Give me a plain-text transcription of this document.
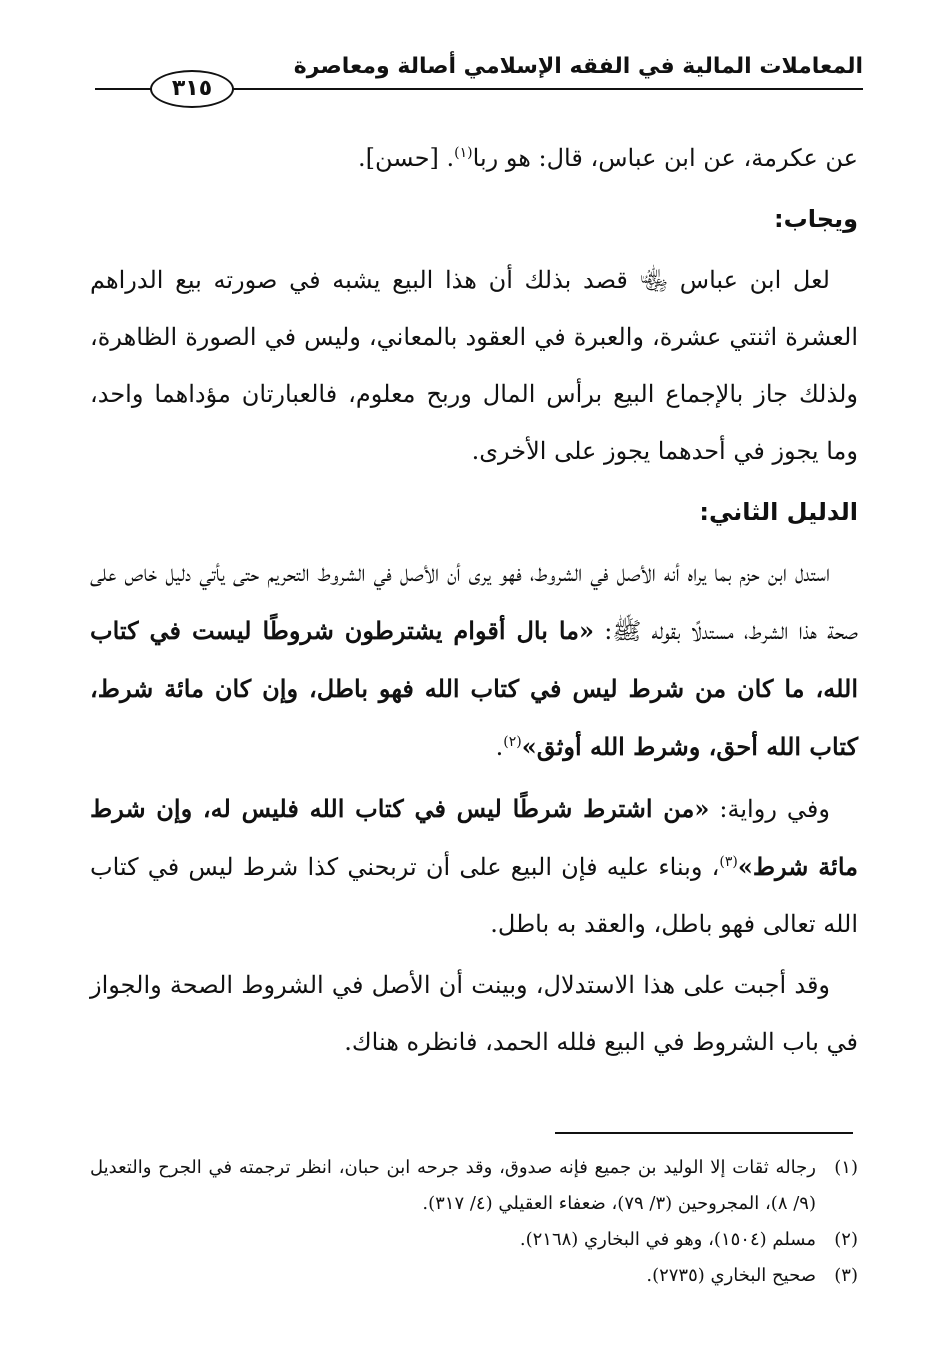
المعاملات المالية في الفقه الإسلامي أصالة ومعاصرة
٣١٥

عن عكرمة، عن ابن عباس، قال: هو ربا$^{(١)}$. [حسن].

ويجاب:

لعل ابن عباس ﵄ قصد بذلك أن هذا البيع يشبه في صورته بيع الدراهم العشرة اثنتي عشرة، والعبرة في العقود بالمعاني، وليس في الصورة الظاهرة، ولذلك جاز بالإجماع البيع برأس المال وربح معلوم، فالعبارتان مؤداهما واحد، وما يجوز في أحدهما يجوز على الأخرى.

الدليل الثاني:

استدل ابن حزم بما يراه أنه الأصل في الشروط، فهو يرى أن الأصل في الشروط التحريم حتى يأتي دليل خاص على صحة هذا الشرط، مستدلًا بقوله ﷺ: «ما بال أقوام يشترطون شروطًا ليست في كتاب الله، ما كان من شرط ليس في كتاب الله فهو باطل، وإن كان مائة شرط، كتاب الله أحق، وشرط الله أوثق»$^{(٢)}$.

وفي رواية: «من اشترط شرطًا ليس في كتاب الله فليس له، وإن شرط مائة شرط»$^{(٣)}$، وبناء عليه فإن البيع على أن تربحني كذا شرط ليس في كتاب الله تعالى فهو باطل، والعقد به باطل.

وقد أجبت على هذا الاستدلال، وبينت أن الأصل في الشروط الصحة والجواز في باب الشروط في البيع فلله الحمد، فانظره هناك.

(١)
رجاله ثقات إلا الوليد بن جميع فإنه صدوق، وقد جرحه ابن حبان، انظر ترجمته في الجرح والتعديل (٩/ ٨)، المجروحين (٣/ ٧٩)، ضعفاء العقيلي (٤/ ٣١٧).
(٢)
مسلم (١٥٠٤)، وهو في البخاري (٢١٦٨).
(٣)
صحيح البخاري (٢٧٣٥).
